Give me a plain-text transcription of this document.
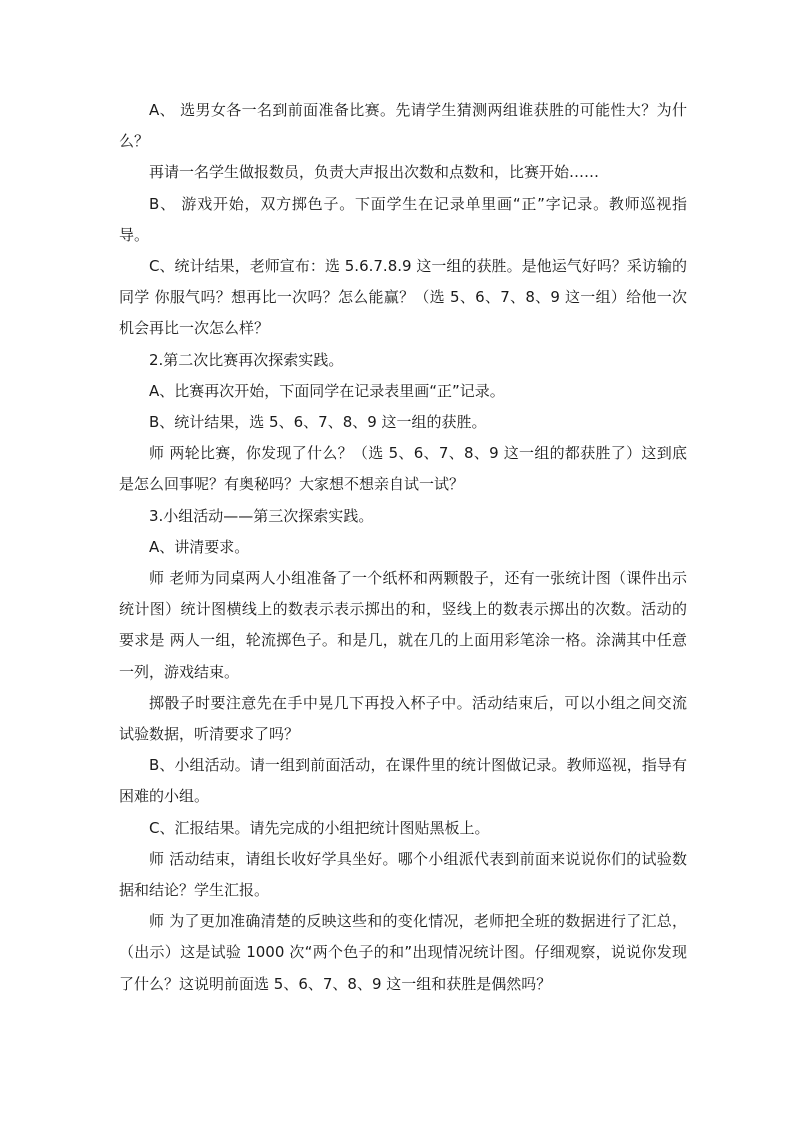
A、 选男女各一名到前面准备比赛。先请学生猜测两组谁获胜的可能性大？为什么？

再请一名学生做报数员，负责大声报出次数和点数和，比赛开始……

B、 游戏开始，双方掷色子。下面学生在记录单里画“正”字记录。教师巡视指导。

C、统计结果，老师宣布：选 5.6.7.8.9 这一组的获胜。是他运气好吗？采访输的同学 你服气吗？想再比一次吗？怎么能赢？（选 5、6、7、8、9 这一组）给他一次机会再比一次怎么样？

2.第二次比赛再次探索实践。

A、比赛再次开始，下面同学在记录表里画“正”记录。

B、统计结果，选 5、6、7、8、9 这一组的获胜。

师 两轮比赛，你发现了什么？（选 5、6、7、8、9 这一组的都获胜了）这到底是怎么回事呢？有奥秘吗？大家想不想亲自试一试？

3.小组活动——第三次探索实践。

A、讲清要求。

师 老师为同桌两人小组准备了一个纸杯和两颗骰子，还有一张统计图（课件出示统计图）统计图横线上的数表示表示掷出的和，竖线上的数表示掷出的次数。活动的要求是 两人一组，轮流掷色子。和是几，就在几的上面用彩笔涂一格。涂满其中任意一列，游戏结束。

掷骰子时要注意先在手中晃几下再投入杯子中。活动结束后，可以小组之间交流试验数据，听清要求了吗？

B、小组活动。请一组到前面活动，在课件里的统计图做记录。教师巡视，指导有困难的小组。

C、汇报结果。请先完成的小组把统计图贴黑板上。

师 活动结束，请组长收好学具坐好。哪个小组派代表到前面来说说你们的试验数据和结论？学生汇报。

师 为了更加准确清楚的反映这些和的变化情况，老师把全班的数据进行了汇总，（出示）这是试验 1000 次“两个色子的和”出现情况统计图。仔细观察，说说你发现了什么？这说明前面选 5、6、7、8、9 这一组和获胜是偶然吗？
